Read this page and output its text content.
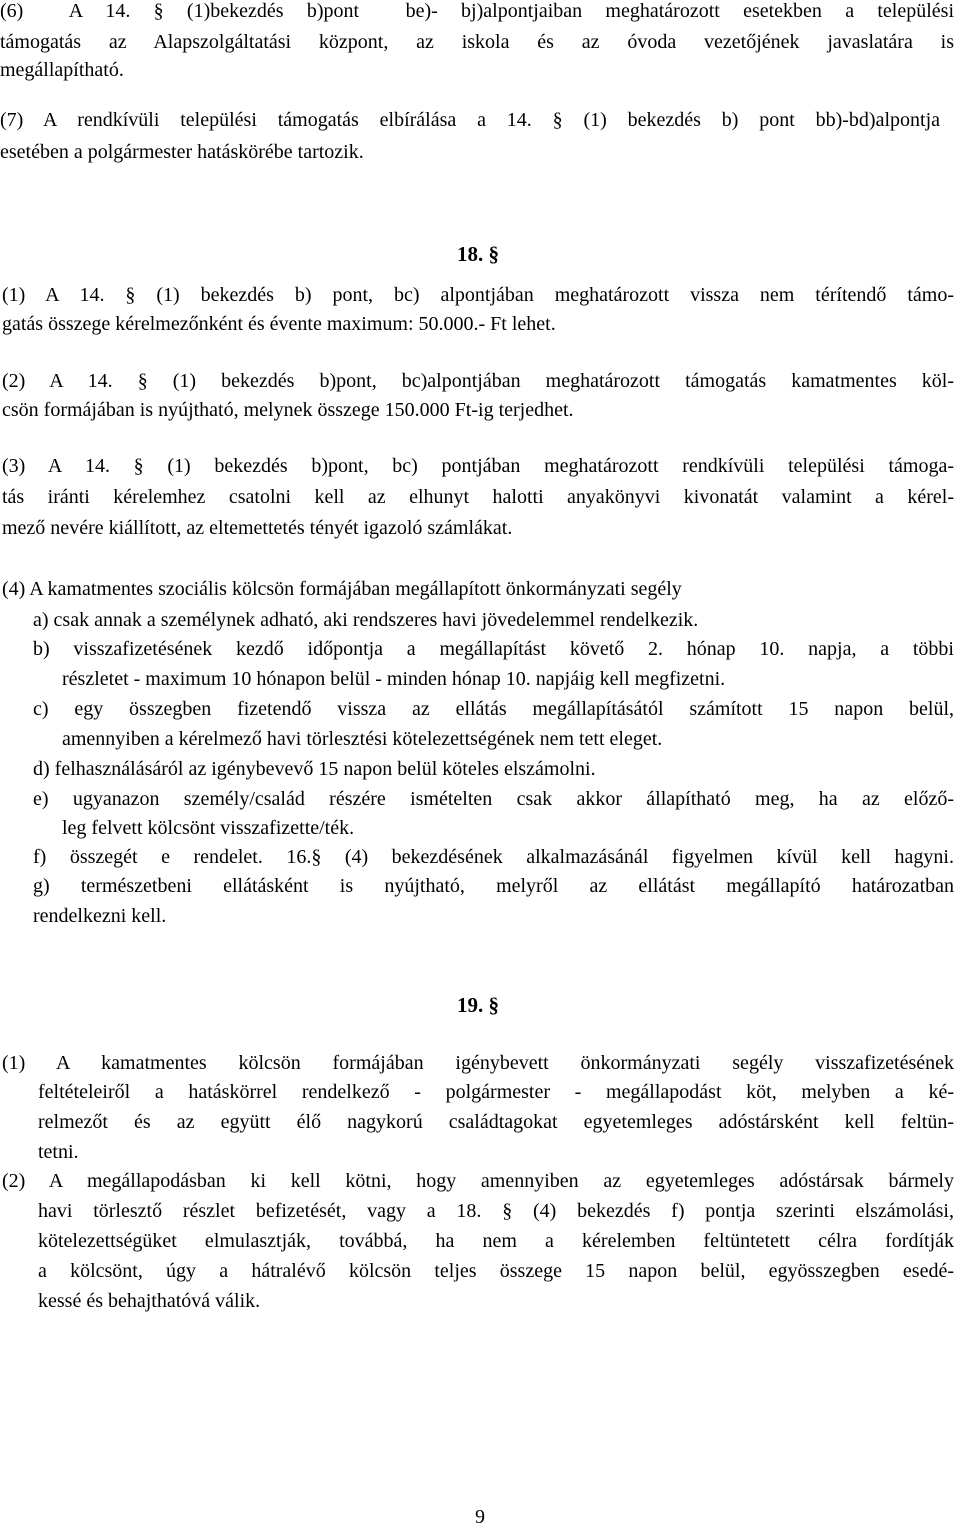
(6)  A 14. § (1)bekezdés b)pont  be)- bj)alpontjaiban meghatározott esetekben a települési
támogatás az Alapszolgáltatási központ, az iskola és az óvoda vezetőjének javaslatára is
megállapítható.
(7) A rendkívüli települési támogatás elbírálása a 14. § (1) bekezdés b) pont bb)-bd)alpontja
esetében a polgármester hatáskörébe tartozik.
18. §
(1) A 14. § (1) bekezdés b) pont, bc) alpontjában meghatározott vissza nem térítendő támo-
gatás összege kérelmezőnként és évente maximum: 50.000.- Ft lehet.
(2) A 14. § (1) bekezdés b)pont, bc)alpontjában meghatározott támogatás kamatmentes köl-
csön formájában is nyújtható, melynek összege 150.000 Ft-ig terjedhet.
(3) A 14. § (1) bekezdés b)pont, bc) pontjában meghatározott rendkívüli települési támoga-
tás iránti kérelemhez csatolni kell az elhunyt halotti anyakönyvi kivonatát valamint a kérel-
mező nevére kiállított, az eltemettetés tényét igazoló számlákat.
(4) A kamatmentes szociális kölcsön formájában megállapított önkormányzati segély
a) csak annak a személynek adható, aki rendszeres havi jövedelemmel rendelkezik.
b) visszafizetésének kezdő időpontja a megállapítást követő 2. hónap 10. napja, a többi
részletet - maximum 10 hónapon belül - minden hónap 10. napjáig kell megfizetni.
c) egy összegben fizetendő vissza az ellátás megállapításától számított 15 napon belül,
amennyiben a kérelmező havi törlesztési kötelezettségének nem tett eleget.
d) felhasználásáról az igénybevevő 15 napon belül köteles elszámolni.
e) ugyanazon személy/család részére ismételten csak akkor állapítható meg, ha az előző-
leg felvett kölcsönt visszafizette/ték.
f) összegét e rendelet. 16.§ (4) bekezdésének alkalmazásánál figyelmen kívül kell hagyni.
g) természetbeni ellátásként is nyújtható, melyről az ellátást megállapító határozatban
rendelkezni kell.
19. §
(1) A kamatmentes kölcsön formájában igénybevett önkormányzati segély visszafizetésének
feltételeiről a hatáskörrel rendelkező - polgármester - megállapodást köt, melyben a ké-
relmezőt és az együtt élő nagykorú családtagokat egyetemleges adóstársként kell feltün-
tetni.
(2) A megállapodásban ki kell kötni, hogy amennyiben az egyetemleges adóstársak bármely
havi törlesztő részlet befizetését, vagy a 18. § (4) bekezdés f) pontja szerinti elszámolási,
kötelezettségüket elmulasztják, továbbá, ha nem a kérelemben feltüntetett célra fordítják
a kölcsönt, úgy a hátralévő kölcsön teljes összege 15 napon belül, egyösszegben esedé-
kessé és behajthatóvá válik.
9
